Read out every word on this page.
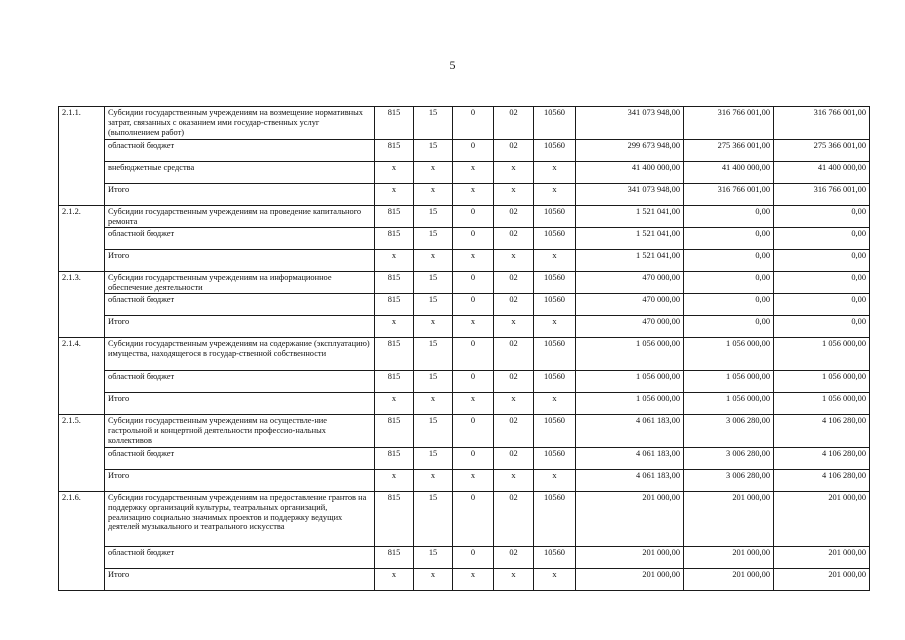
5
2.1.1.	Субсидии государственным учреждениям на возмещение нормативных затрат, связанных с оказанием ими государ-ственных услуг (выполнением работ)	815	15	0	02	10560	341 073 948,00	316 766 001,00	316 766 001,00
	областной бюджет	815	15	0	02	10560	299 673 948,00	275 366 001,00	275 366 001,00
	внебюджетные средства	x	x	x	x	x	41 400 000,00	41 400 000,00	41 400 000,00
	Итого	x	x	x	x	x	341 073 948,00	316 766 001,00	316 766 001,00
2.1.2.	Субсидии государственным учреждениям на проведение капитального ремонта	815	15	0	02	10560	1 521 041,00	0,00	0,00
	областной бюджет	815	15	0	02	10560	1 521 041,00	0,00	0,00
	Итого	x	x	x	x	x	1 521 041,00	0,00	0,00
2.1.3.	Субсидии государственным учреждениям на информационное обеспечение деятельности	815	15	0	02	10560	470 000,00	0,00	0,00
	областной бюджет	815	15	0	02	10560	470 000,00	0,00	0,00
	Итого	x	x	x	x	x	470 000,00	0,00	0,00
2.1.4.	Субсидии государственным учреждениям на содержание (эксплуатацию) имущества, находящегося в государ-ственной собственности	815	15	0	02	10560	1 056 000,00	1 056 000,00	1 056 000,00
	областной бюджет	815	15	0	02	10560	1 056 000,00	1 056 000,00	1 056 000,00
	Итого	x	x	x	x	x	1 056 000,00	1 056 000,00	1 056 000,00
2.1.5.	Субсидии государственным учреждениям на осуществле-ние гастрольной и концертной деятельности профессио-нальных коллективов	815	15	0	02	10560	4 061 183,00	3 006 280,00	4 106 280,00
	областной бюджет	815	15	0	02	10560	4 061 183,00	3 006 280,00	4 106 280,00
	Итого	x	x	x	x	x	4 061 183,00	3 006 280,00	4 106 280,00
2.1.6.	Субсидии государственным учреждениям на предоставление грантов на поддержку организаций культуры, театральных организаций, реализацию социально значимых проектов и поддержку ведущих деятелей музыкального и театрального искусства	815	15	0	02	10560	201 000,00	201 000,00	201 000,00
	областной бюджет	815	15	0	02	10560	201 000,00	201 000,00	201 000,00
	Итого	x	x	x	x	x	201 000,00	201 000,00	201 000,00
